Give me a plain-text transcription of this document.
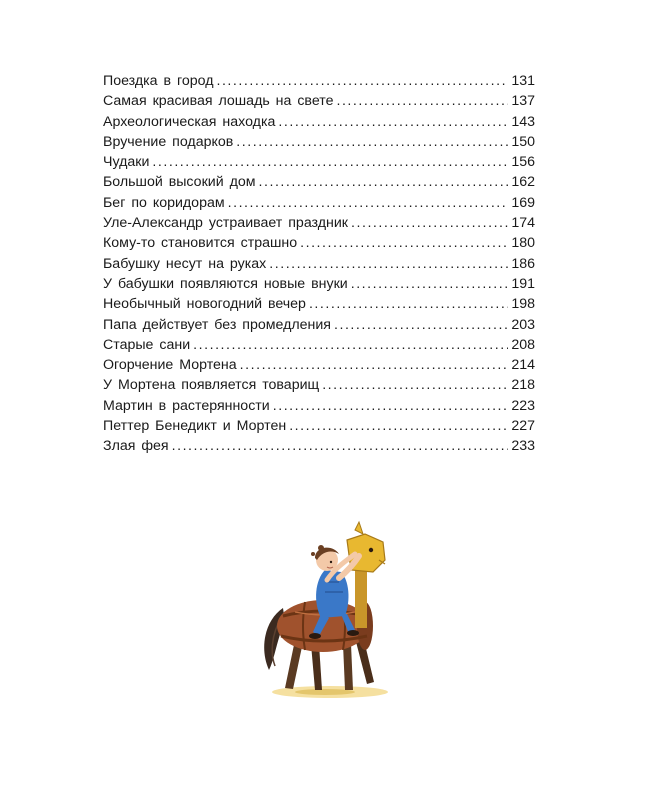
Поездка в город . . .	131
Самая красивая лошадь на свете . . .	137
Археологическая находка . . .	143
Вручение подарков . . .	150
Чудаки . . .	156
Большой высокий дом . . .	162
Бег по коридорам . . .	169
Уле-Александр устраивает праздник . . .	174
Кому-то становится страшно . . .	180
Бабушку несут на руках . . .	186
У бабушки появляются новые внуки . . .	191
Необычный новогодний вечер . . .	198
Папа действует без промедления . . .	203
Старые сани . . .	208
Огорчение Мортена . . .	214
У Мортена появляется товарищ . . .	218
Мартин в растерянности . . .	223
Петтер Бенедикт и Мортен . . .	227
Злая фея . . .	233
